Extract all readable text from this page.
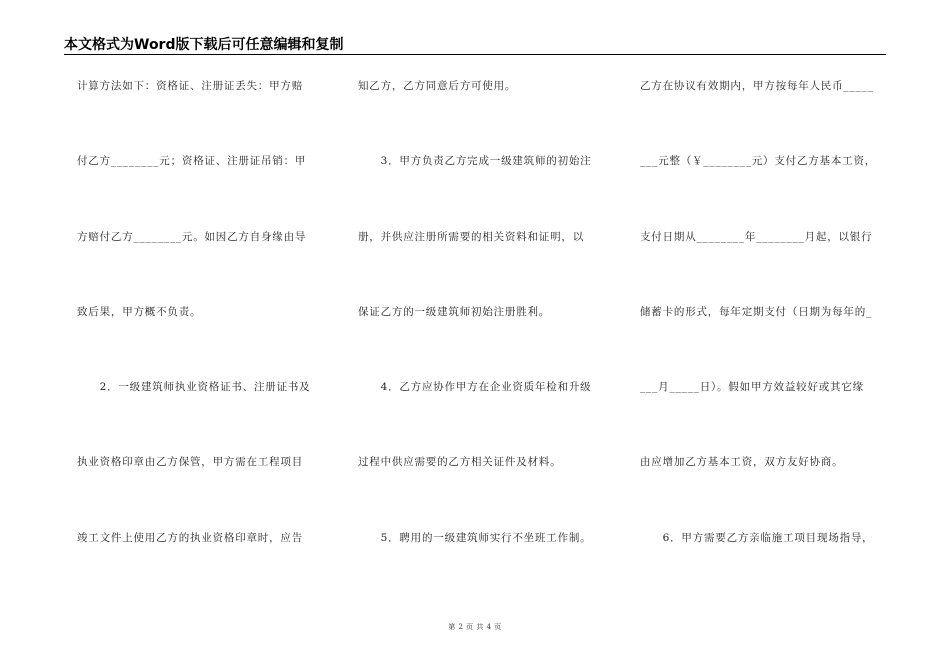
本文格式为Word版下载后可任意编辑和复制
计算方法如下：资格证、注册证丢失：甲方赔
付乙方________元；资格证、注册证吊销：甲
方赔付乙方________元。如因乙方自身缘由导
致后果，甲方概不负责。
　　2．一级建筑师执业资格证书、注册证书及
执业资格印章由乙方保管，甲方需在工程项目
竣工文件上使用乙方的执业资格印章时，应告
知乙方，乙方同意后方可使用。
　　3．甲方负责乙方完成一级建筑师的初始注
册，并供应注册所需要的相关资料和证明，以
保证乙方的一级建筑师初始注册胜利。
　　4．乙方应协作甲方在企业资质年检和升级
过程中供应需要的乙方相关证件及材料。
　　5．聘用的一级建筑师实行不坐班工作制。
乙方在协议有效期内，甲方按每年人民币_____
___元整（￥________元）支付乙方基本工资，
支付日期从________年________月起，以银行
储蓄卡的形式，每年定期支付（日期为每年的_
___月_____日）。假如甲方效益较好或其它缘
由应增加乙方基本工资，双方友好协商。
　　6．甲方需要乙方亲临施工项目现场指导，
第 2 页 共 4 页
